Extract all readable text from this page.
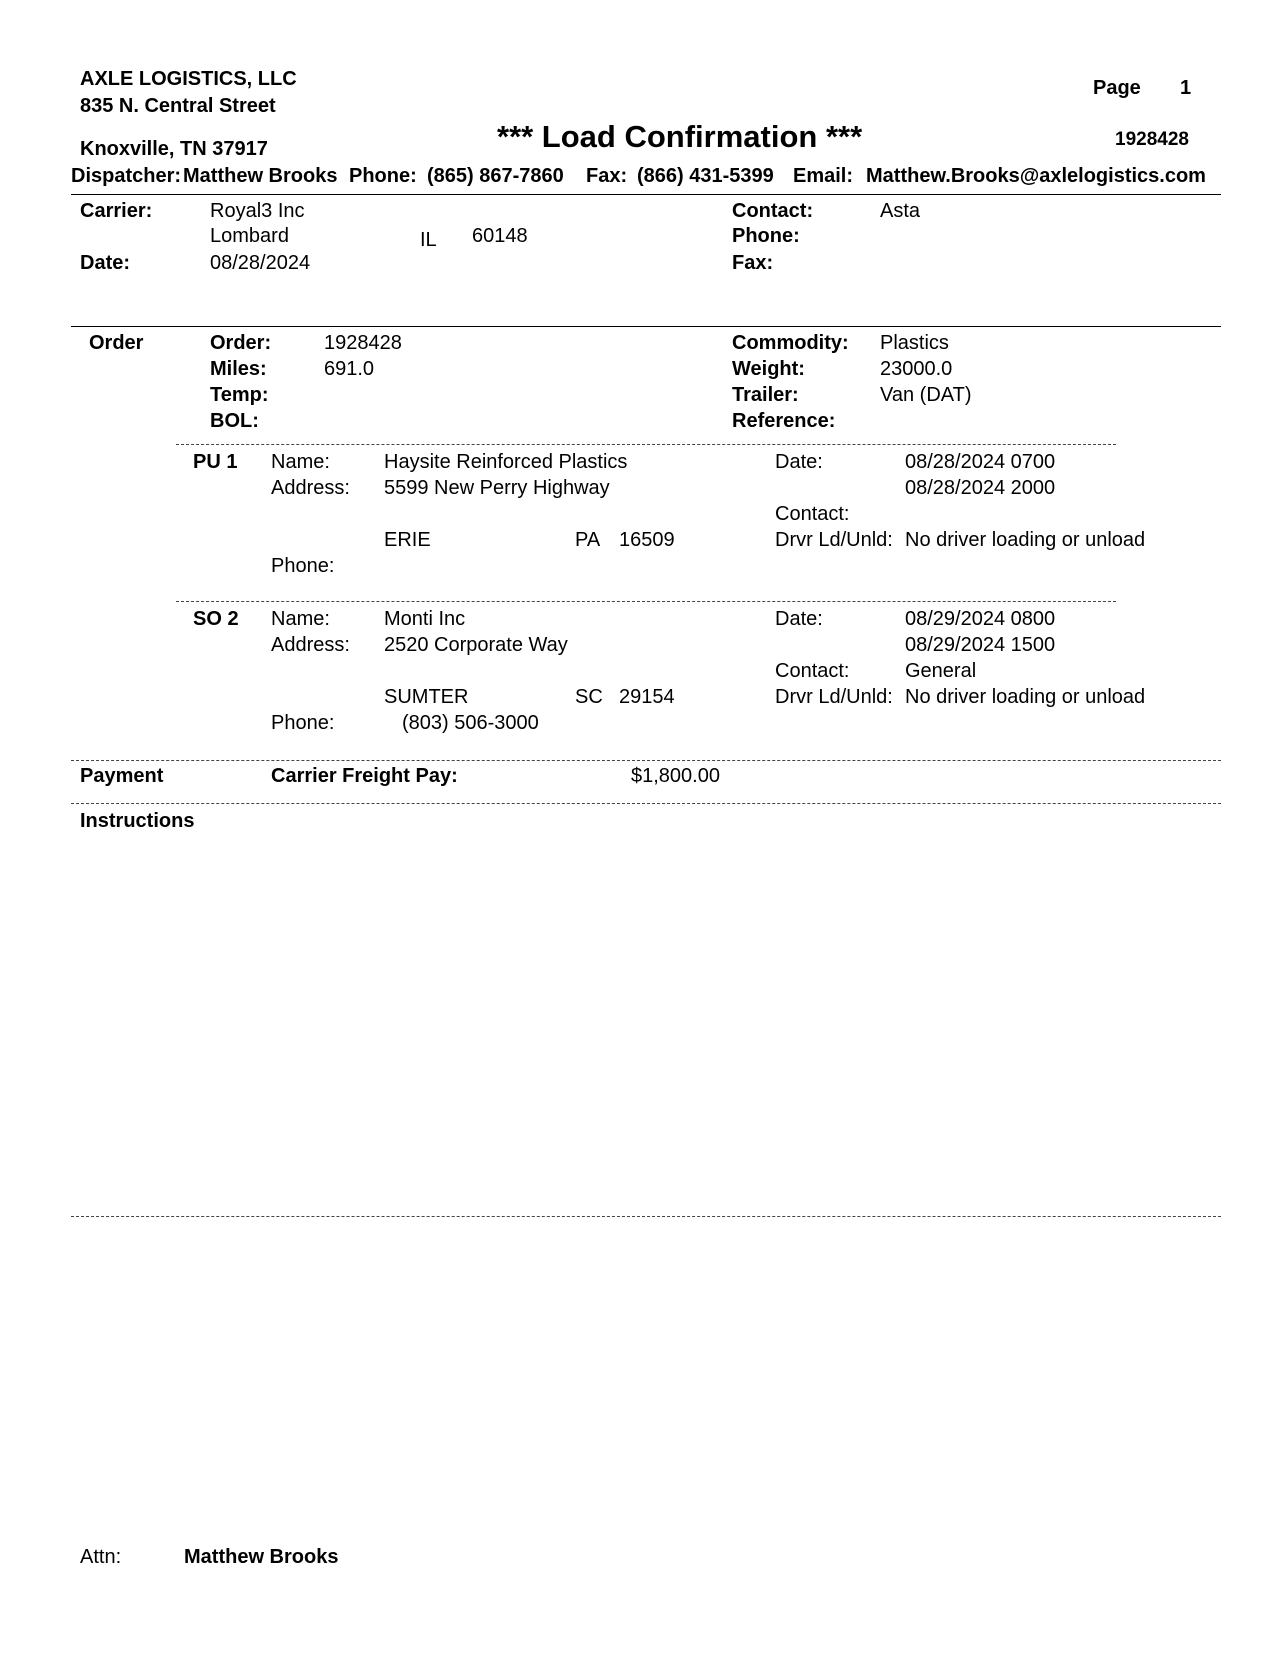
AXLE LOGISTICS, LLC
835 N. Central Street
Knoxville, TN 37917
Page 1
*** Load Confirmation ***	1928428
Dispatcher: Matthew Brooks Phone: (865) 867-7860 Fax: (866) 431-5399 Email: Matthew.Brooks@axlelogistics.com
Carrier:	Royal3 Inc
Lombard	IL 60148
Date:	08/28/2024
Contact:	Asta
Phone:
Fax:
Order	Order:	1928428
Miles:	691.0
Temp:
BOL:
Commodity: Plastics
Weight:	23000.0
Trailer:	Van (DAT)
Reference:
PU 1 Name:	Haysite Reinforced Plastics
Address: 5599 New Perry Highway
ERIE	PA 16509
Phone:
Date:	08/28/2024 0700
08/28/2024 2000
Contact:
Drvr Ld/Unld: No driver loading or unload
SO 2 Name:	Monti Inc
Address: 2520 Corporate Way
SUMTER	SC 29154
Phone:	(803) 506-3000
Date:	08/29/2024 0800
08/29/2024 1500
Contact:	General
Drvr Ld/Unld: No driver loading or unload
Payment	Carrier Freight Pay:	$1,800.00
Instructions
Attn:	Matthew Brooks
